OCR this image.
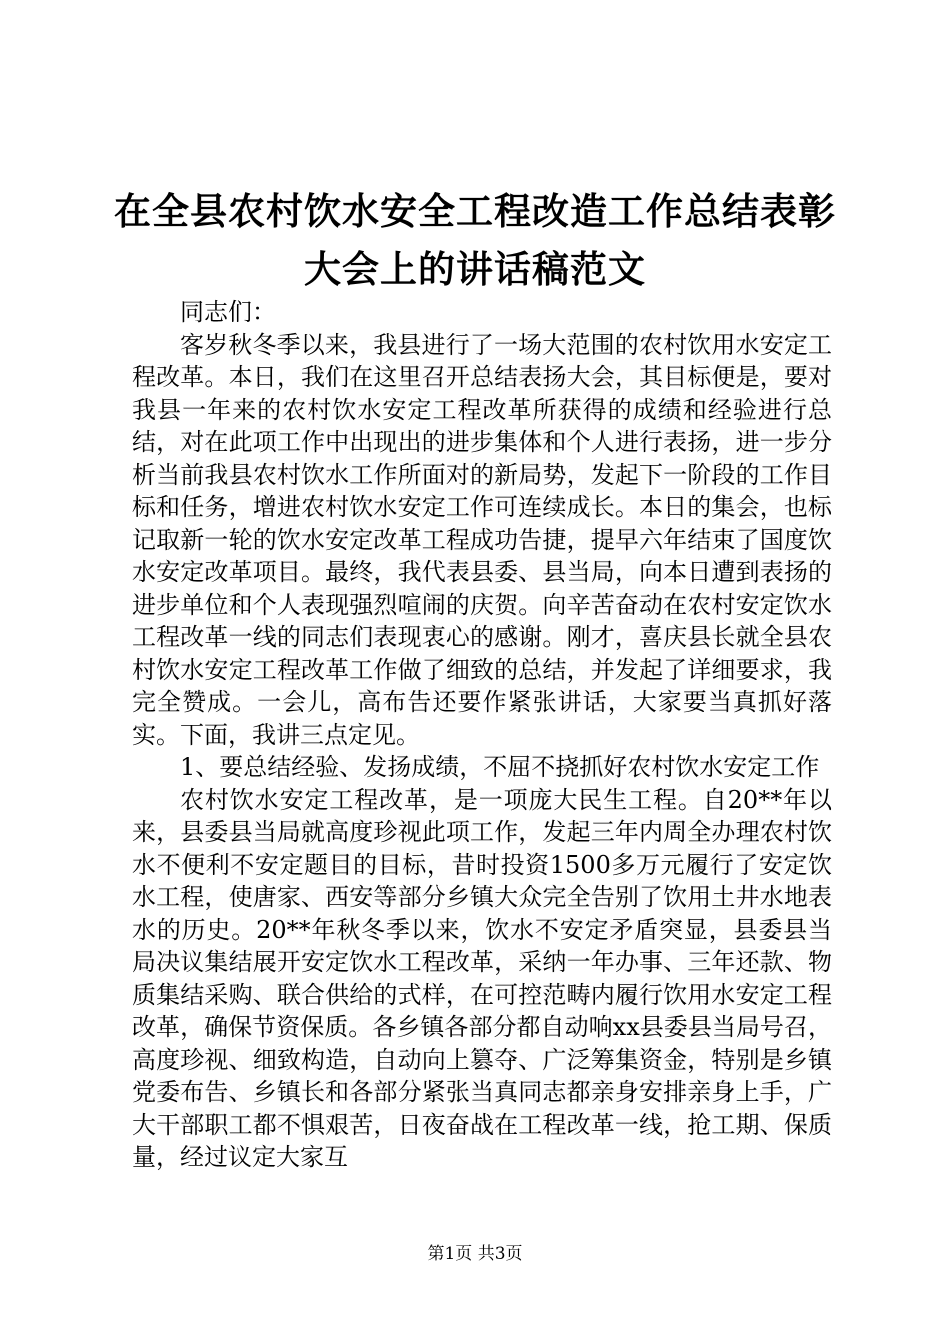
在全县农村饮水安全工程改造工作总结表彰大会上的讲话稿范文

同志们：

客岁秋冬季以来，我县进行了一场大范围的农村饮用水安定工程改革。本日，我们在这里召开总结表扬大会，其目标便是，要对我县一年来的农村饮水安定工程改革所获得的成绩和经验进行总结，对在此项工作中出现出的进步集体和个人进行表扬，进一步分析当前我县农村饮水工作所面对的新局势，发起下一阶段的工作目标和任务，增进农村饮水安定工作可连续成长。本日的集会，也标记取新一轮的饮水安定改革工程成功告捷，提早六年结束了国度饮水安定改革项目。最终，我代表县委、县当局，向本日遭到表扬的进步单位和个人表现强烈喧闹的庆贺。向辛苦奋动在农村安定饮水工程改革一线的同志们表现衷心的感谢。刚才，喜庆县长就全县农村饮水安定工程改革工作做了细致的总结，并发起了详细要求，我完全赞成。一会儿，高布告还要作紧张讲话，大家要当真抓好落实。下面，我讲三点定见。

1、要总结经验、发扬成绩，不屈不挠抓好农村饮水安定工作

农村饮水安定工程改革，是一项庞大民生工程。自20**年以来，县委县当局就高度珍视此项工作，发起三年内周全办理农村饮水不便利不安定题目的目标，昔时投资1500多万元履行了安定饮水工程，使唐家、西安等部分乡镇大众完全告别了饮用土井水地表水的历史。20**年秋冬季以来，饮水不安定矛盾突显，县委县当局决议集结展开安定饮水工程改革，采纳一年办事、三年还款、物质集结采购、联合供给的式样，在可控范畴内履行饮用水安定工程改革，确保节资保质。各乡镇各部分都自动响xx县委县当局号召，高度珍视、细致构造，自动向上篡夺、广泛筹集资金，特别是乡镇党委布告、乡镇长和各部分紧张当真同志都亲身安排亲身上手，广大干部职工都不惧艰苦，日夜奋战在工程改革一线，抢工期、保质量，经过议定大家互

第1页 共3页
